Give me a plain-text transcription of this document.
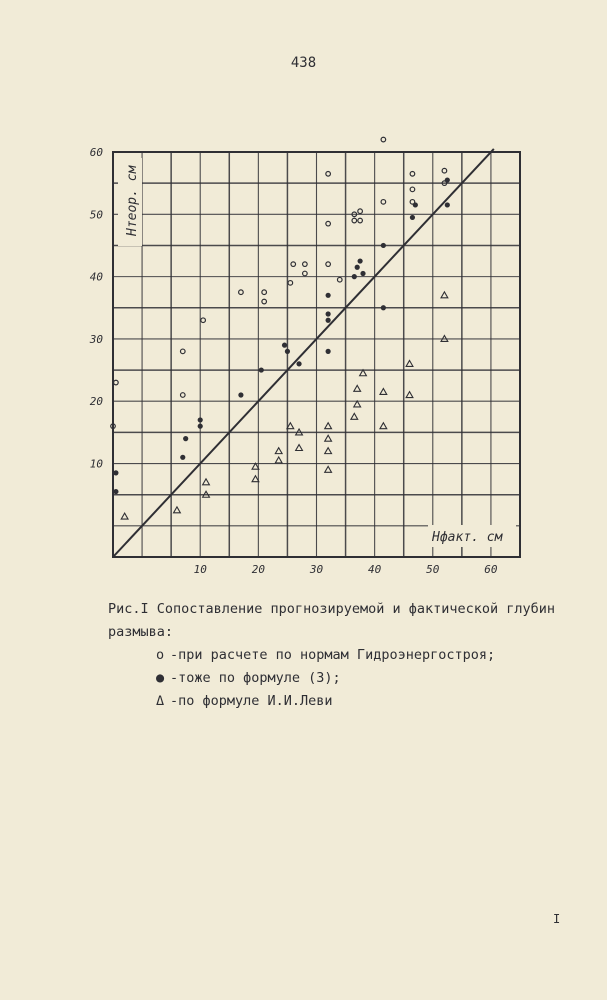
438
10	20	30	40	50	60
10
20
30
40
50
60
Hтеор. см
Hфакт. см
Рис.I Сопоставление прогнозируемой и фактической глубин
размыва:
o -при расчете по нормам Гидроэнергостроя;
● -тоже по формуле (3);
Δ -по формуле И.И.Леви
I
